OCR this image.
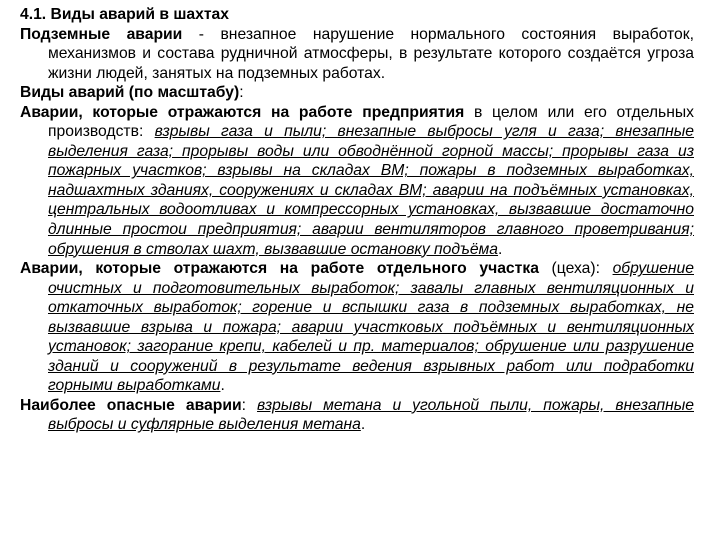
4.1. Виды аварий в шахтах

Подземные аварии - внезапное нарушение нормального состояния выработок, механизмов и состава рудничной атмосферы, в результате которого создаётся угроза жизни людей, занятых на подземных работах.

Виды аварий (по масштабу):

Аварии, которые отражаются на работе предприятия в целом или его отдельных производств: взрывы газа и пыли; внезапные выбросы угля и газа; внезапные выделения газа; прорывы воды или обводнённой горной массы; прорывы газа из пожарных участков; взрывы на складах ВМ; пожары в подземных выработках, надшахтных зданиях, сооружениях и складах ВМ; аварии на подъёмных установках, центральных водоотливах и компрессорных установках, вызвавшие достаточно длинные простои предприятия; аварии вентиляторов главного проветривания; обрушения в стволах шахт, вызвавшие остановку подъёма.

Аварии, которые отражаются на работе отдельного участка (цеха): обрушение очистных и подготовительных выработок; завалы главных вентиляционных и откаточных выработок; горение и вспышки газа в подземных выработках, не вызвавшие взрыва и пожара; аварии участковых подъёмных и вентиляционных установок; загорание крепи, кабелей и пр. материалов; обрушение или разрушение зданий и сооружений в результате ведения взрывных работ или подработки горными выработками.

Наиболее опасные аварии: взрывы метана и угольной пыли, пожары, внезапные выбросы и суфлярные выделения метана.
